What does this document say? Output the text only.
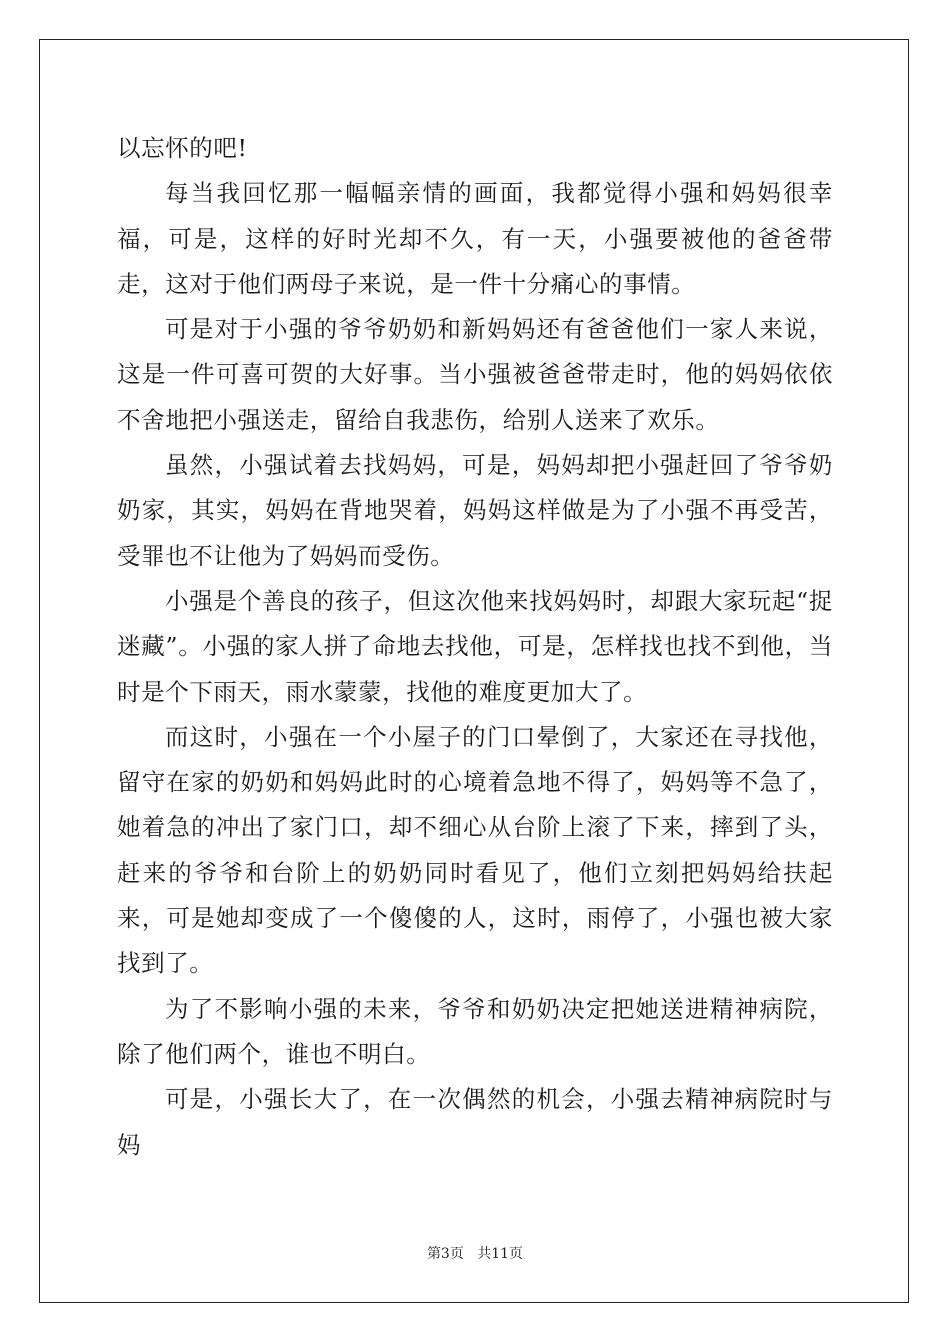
以忘怀的吧!

每当我回忆那一幅幅亲情的画面，我都觉得小强和妈妈很幸福，可是，这样的好时光却不久，有一天，小强要被他的爸爸带走，这对于他们两母子来说，是一件十分痛心的事情。

可是对于小强的爷爷奶奶和新妈妈还有爸爸他们一家人来说，这是一件可喜可贺的大好事。当小强被爸爸带走时，他的妈妈依依不舍地把小强送走，留给自我悲伤，给别人送来了欢乐。

虽然，小强试着去找妈妈，可是，妈妈却把小强赶回了爷爷奶奶家，其实，妈妈在背地哭着，妈妈这样做是为了小强不再受苦，受罪也不让他为了妈妈而受伤。

小强是个善良的孩子，但这次他来找妈妈时，却跟大家玩起“捉迷藏”。小强的家人拼了命地去找他，可是，怎样找也找不到他，当时是个下雨天，雨水蒙蒙，找他的难度更加大了。

而这时，小强在一个小屋子的门口晕倒了，大家还在寻找他，留守在家的奶奶和妈妈此时的心境着急地不得了，妈妈等不急了，她着急的冲出了家门口，却不细心从台阶上滚了下来，摔到了头，赶来的爷爷和台阶上的奶奶同时看见了，他们立刻把妈妈给扶起来，可是她却变成了一个傻傻的人，这时，雨停了，小强也被大家找到了。

为了不影响小强的未来，爷爷和奶奶决定把她送进精神病院，除了他们两个，谁也不明白。

可是，小强长大了，在一次偶然的机会，小强去精神病院时与妈

第3页 共11页
